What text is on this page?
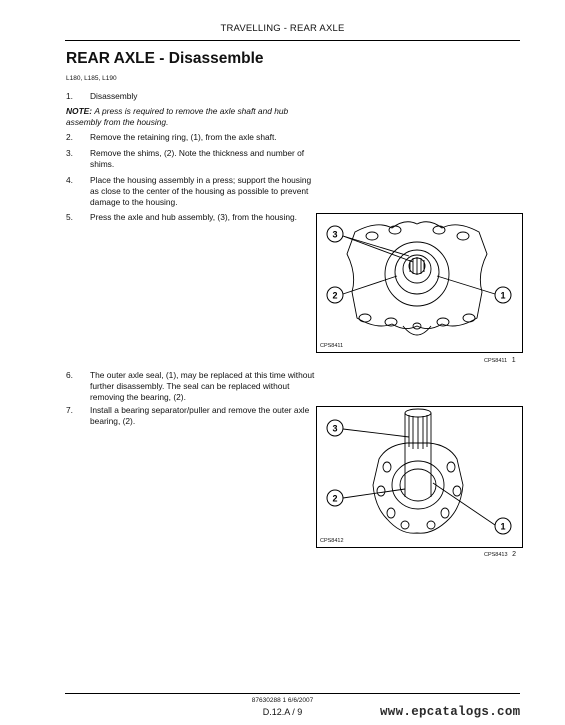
TRAVELLING - REAR AXLE
REAR AXLE - Disassemble
L180, L185, L190
1. Disassembly
NOTE: A press is required to remove the axle shaft and hub assembly from the housing.
2. Remove the retaining ring, (1), from the axle shaft.
3. Remove the shims, (2). Note the thickness and number of shims.
4. Place the housing assembly in a press; support the housing as close to the center of the housing as possible to prevent damage to the housing.
5. Press the axle and hub assembly, (3), from the housing.
3
2	1
CPS8411
CPS8411 1
6. The outer axle seal, (1), may be replaced at this time without further disassembly. The seal can be replaced without removing the bearing, (2).
7. Install a bearing separator/puller and remove the outer axle bearing, (2).
3
2
1
CPS8412
CPS8413 2
87630288 1 6/6/2007
D.12.A / 9	www.epcatalogs.com
